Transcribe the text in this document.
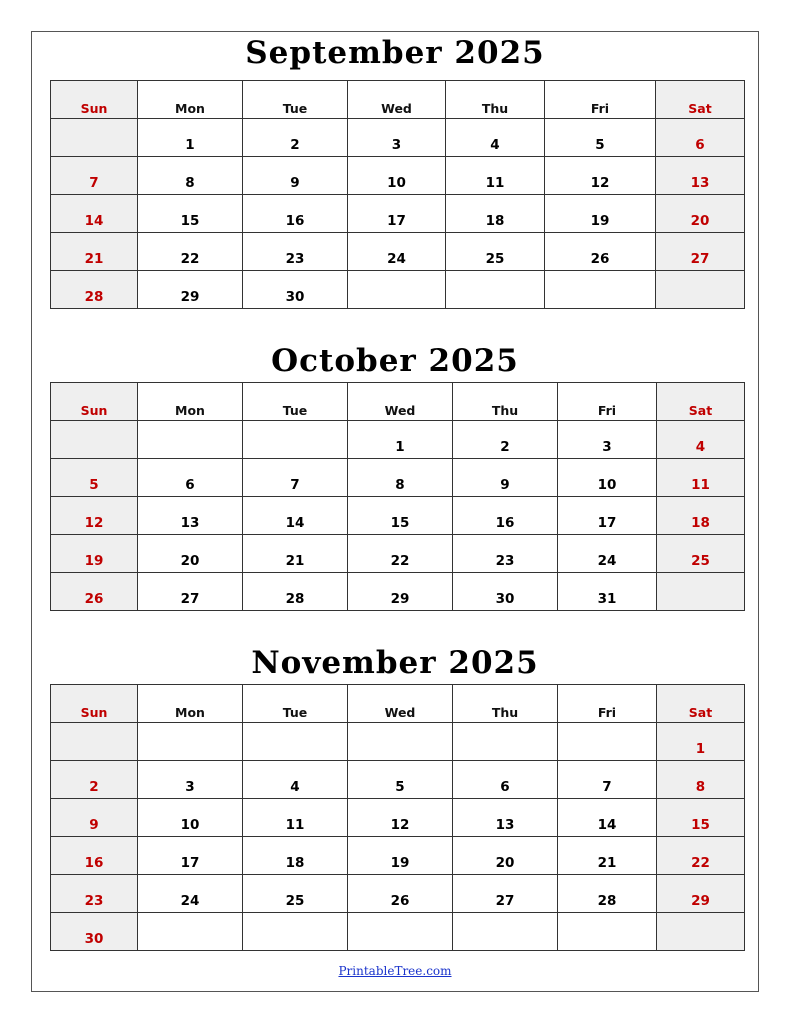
September 2025
Sun	Mon	Tue	Wed	Thu	Fri	Sat
	1	2	3	4	5	6
7	8	9	10	11	12	13
14	15	16	17	18	19	20
21	22	23	24	25	26	27
28	29	30				
October 2025
Sun	Mon	Tue	Wed	Thu	Fri	Sat
			1	2	3	4
5	6	7	8	9	10	11
12	13	14	15	16	17	18
19	20	21	22	23	24	25
26	27	28	29	30	31	
November 2025
Sun	Mon	Tue	Wed	Thu	Fri	Sat
						1
2	3	4	5	6	7	8
9	10	11	12	13	14	15
16	17	18	19	20	21	22
23	24	25	26	27	28	29
30						
PrintableTree.com
